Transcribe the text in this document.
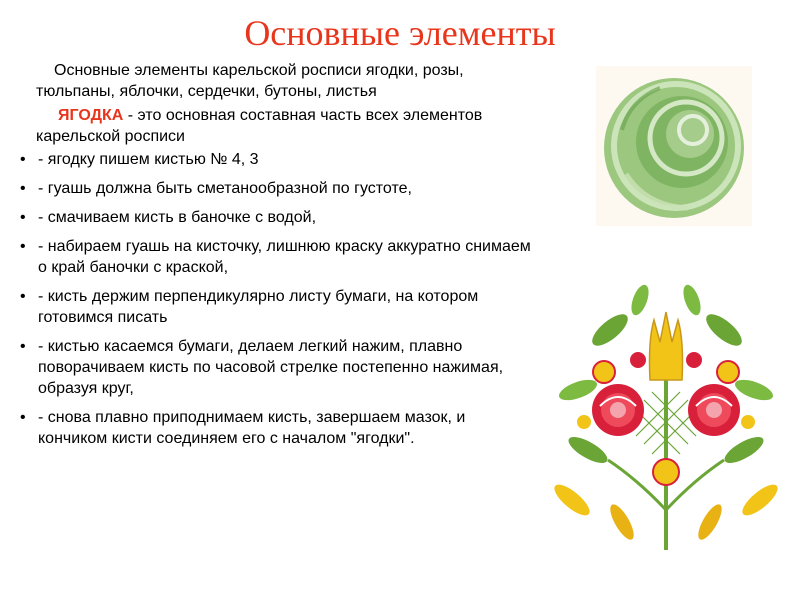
Основные элементы

Основные элементы карельской росписи ягодки, розы, тюльпаны, яблочки, сердечки, бутоны, листья

ЯГОДКА - это основная составная часть всех элементов карельской росписи

• - ягодку пишем кистью № 4, 3
• - гуашь должна быть сметанообразной по густоте,
• - смачиваем кисть в баночке с водой,
• - набираем гуашь на кисточку, лишнюю краску аккуратно снимаем о край баночки с краской,
• - кисть держим перпендикулярно листу бумаги, на котором готовимся писать
• - кистью касаемся бумаги, делаем легкий нажим, плавно поворачиваем кисть по часовой стрелке постепенно нажимая, образуя круг,
• - снова плавно приподнимаем кисть, завершаем мазок, и кончиком кисти соединяем его с началом "ягодки".
